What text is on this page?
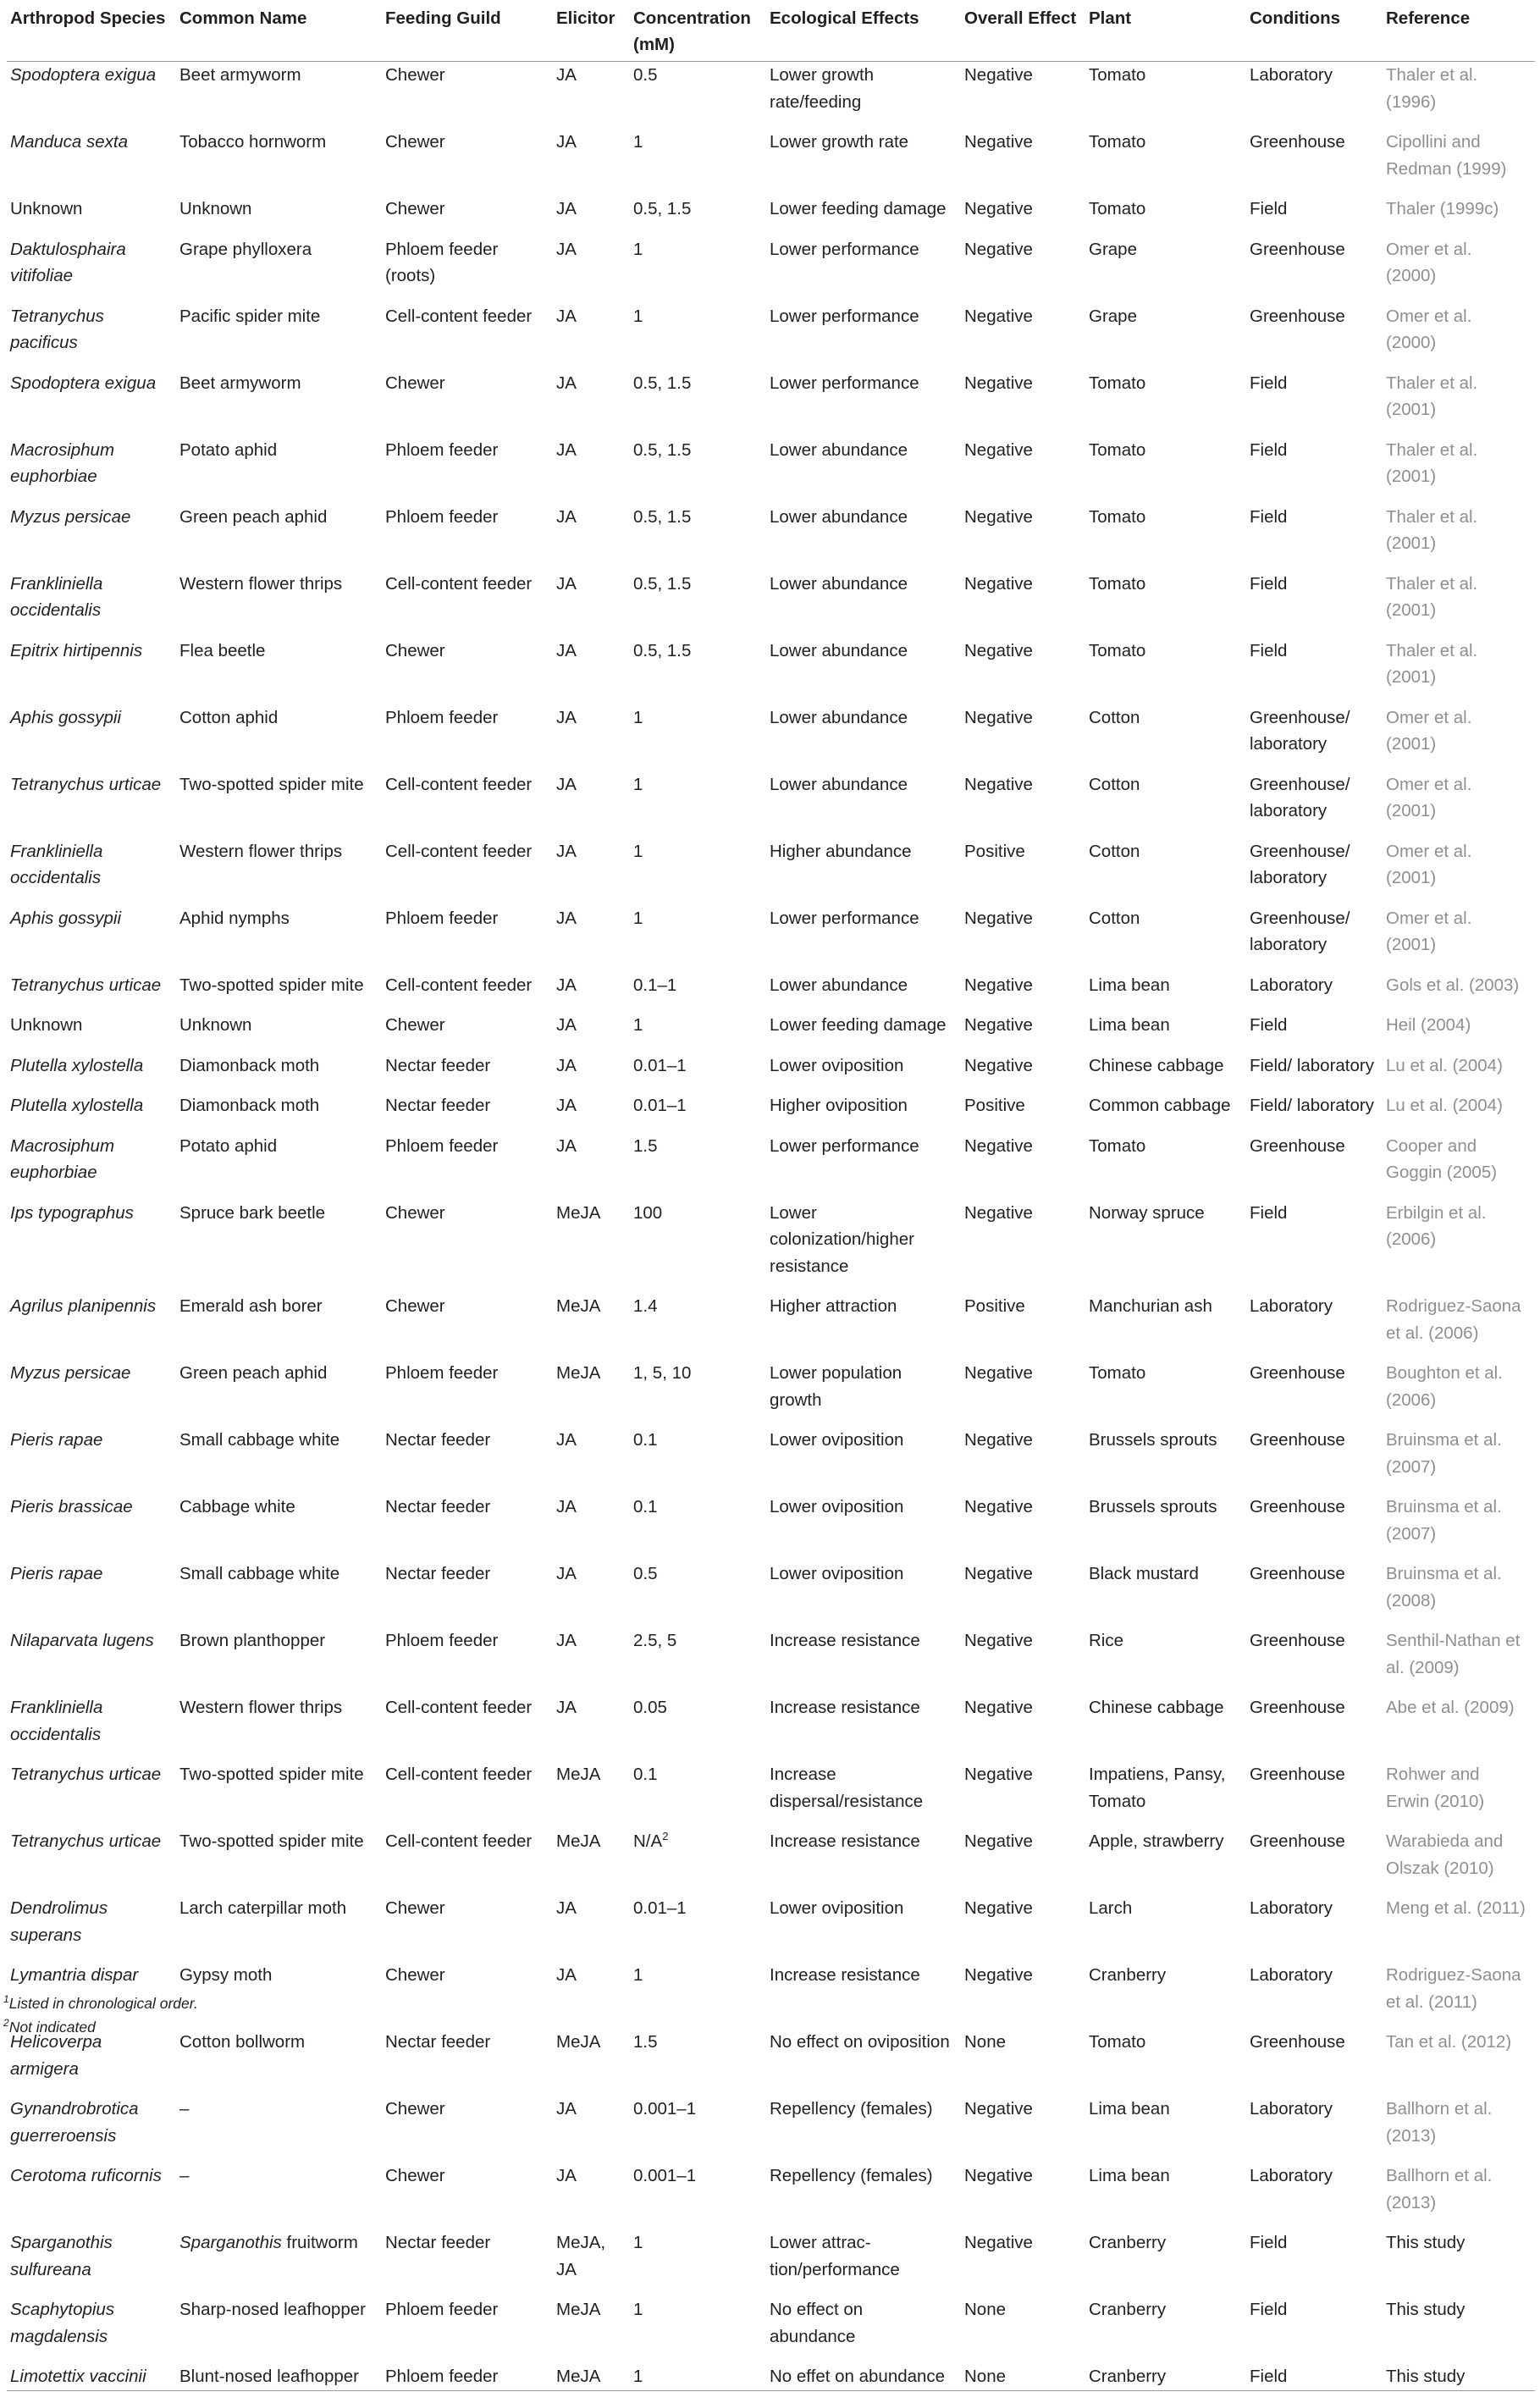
Arthropod Species	Common Name	Feeding Guild	Elicitor	Concentration (mM)	Ecological Effects	Overall Effect	Plant	Conditions	Reference
Spodoptera exigua	Beet armyworm	Chewer	JA	0.5	Lower growth rate/feeding	Negative	Tomato	Laboratory	Thaler et al. (1996)
Manduca sexta	Tobacco hornworm	Chewer	JA	1	Lower growth rate	Negative	Tomato	Greenhouse	Cipollini and Redman (1999)
Unknown	Unknown	Chewer	JA	0.5, 1.5	Lower feeding damage	Negative	Tomato	Field	Thaler (1999c)
Daktulosphaira vitifoliae	Grape phylloxera	Phloem feeder (roots)	JA	1	Lower performance	Negative	Grape	Greenhouse	Omer et al. (2000)
Tetranychus pacificus	Pacific spider mite	Cell-content feeder	JA	1	Lower performance	Negative	Grape	Greenhouse	Omer et al. (2000)
Spodoptera exigua	Beet armyworm	Chewer	JA	0.5, 1.5	Lower performance	Negative	Tomato	Field	Thaler et al. (2001)
Macrosiphum euphorbiae	Potato aphid	Phloem feeder	JA	0.5, 1.5	Lower abundance	Negative	Tomato	Field	Thaler et al. (2001)
Myzus persicae	Green peach aphid	Phloem feeder	JA	0.5, 1.5	Lower abundance	Negative	Tomato	Field	Thaler et al. (2001)
Frankliniella occidentalis	Western flower thrips	Cell-content feeder	JA	0.5, 1.5	Lower abundance	Negative	Tomato	Field	Thaler et al. (2001)
Epitrix hirtipennis	Flea beetle	Chewer	JA	0.5, 1.5	Lower abundance	Negative	Tomato	Field	Thaler et al. (2001)
Aphis gossypii	Cotton aphid	Phloem feeder	JA	1	Lower abundance	Negative	Cotton	Greenhouse/ laboratory	Omer et al. (2001)
Tetranychus urticae	Two-spotted spider mite	Cell-content feeder	JA	1	Lower abundance	Negative	Cotton	Greenhouse/ laboratory	Omer et al. (2001)
Frankliniella occidentalis	Western flower thrips	Cell-content feeder	JA	1	Higher abundance	Positive	Cotton	Greenhouse/ laboratory	Omer et al. (2001)
Aphis gossypii	Aphid nymphs	Phloem feeder	JA	1	Lower performance	Negative	Cotton	Greenhouse/ laboratory	Omer et al. (2001)
Tetranychus urticae	Two-spotted spider mite	Cell-content feeder	JA	0.1–1	Lower abundance	Negative	Lima bean	Laboratory	Gols et al. (2003)
Unknown	Unknown	Chewer	JA	1	Lower feeding damage	Negative	Lima bean	Field	Heil (2004)
Plutella xylostella	Diamonback moth	Nectar feeder	JA	0.01–1	Lower oviposition	Negative	Chinese cabbage	Field/ laboratory	Lu et al. (2004)
Plutella xylostella	Diamonback moth	Nectar feeder	JA	0.01–1	Higher oviposition	Positive	Common cabbage	Field/ laboratory	Lu et al. (2004)
Macrosiphum euphorbiae	Potato aphid	Phloem feeder	JA	1.5	Lower performance	Negative	Tomato	Greenhouse	Cooper and Goggin (2005)
Ips typographus	Spruce bark beetle	Chewer	MeJA	100	Lower colonization/higher resistance	Negative	Norway spruce	Field	Erbilgin et al. (2006)
Agrilus planipennis	Emerald ash borer	Chewer	MeJA	1.4	Higher attraction	Positive	Manchurian ash	Laboratory	Rodriguez-Saona et al. (2006)
Myzus persicae	Green peach aphid	Phloem feeder	MeJA	1, 5, 10	Lower population growth	Negative	Tomato	Greenhouse	Boughton et al. (2006)
Pieris rapae	Small cabbage white	Nectar feeder	JA	0.1	Lower oviposition	Negative	Brussels sprouts	Greenhouse	Bruinsma et al. (2007)
Pieris brassicae	Cabbage white	Nectar feeder	JA	0.1	Lower oviposition	Negative	Brussels sprouts	Greenhouse	Bruinsma et al. (2007)
Pieris rapae	Small cabbage white	Nectar feeder	JA	0.5	Lower oviposition	Negative	Black mustard	Greenhouse	Bruinsma et al. (2008)
Nilaparvata lugens	Brown planthopper	Phloem feeder	JA	2.5, 5	Increase resistance	Negative	Rice	Greenhouse	Senthil-Nathan et al. (2009)
Frankliniella occidentalis	Western flower thrips	Cell-content feeder	JA	0.05	Increase resistance	Negative	Chinese cabbage	Greenhouse	Abe et al. (2009)
Tetranychus urticae	Two-spotted spider mite	Cell-content feeder	MeJA	0.1	Increase dispersal/resistance	Negative	Impatiens, Pansy, Tomato	Greenhouse	Rohwer and Erwin (2010)
Tetranychus urticae	Two-spotted spider mite	Cell-content feeder	MeJA	$N/A^2$	Increase resistance	Negative	Apple, strawberry	Greenhouse	Warabieda and Olszak (2010)
Dendrolimus superans	Larch caterpillar moth	Chewer	JA	0.01–1	Lower oviposition	Negative	Larch	Laboratory	Meng et al. (2011)
Lymantria dispar	Gypsy moth	Chewer	JA	1	Increase resistance	Negative	Cranberry	Laboratory	Rodriguez-Saona et al. (2011)
Helicoverpa armigera	Cotton bollworm	Nectar feeder	MeJA	1.5	No effect on oviposition	None	Tomato	Greenhouse	Tan et al. (2012)
Gynandrobrotica guerreroensis	–	Chewer	JA	0.001–1	Repellency (females)	Negative	Lima bean	Laboratory	Ballhorn et al. (2013)
Cerotoma ruficornis	–	Chewer	JA	0.001–1	Repellency (females)	Negative	Lima bean	Laboratory	Ballhorn et al. (2013)
Sparganothis sulfureana	Sparganothis fruitworm	Nectar feeder	MeJA, JA	1	Lower attrac-tion/performance	Negative	Cranberry	Field	This study
Scaphytopius magdalensis	Sharp-nosed leafhopper	Phloem feeder	MeJA	1	No effect on abundance	None	Cranberry	Field	This study
Limotettix vaccinii	Blunt-nosed leafhopper	Phloem feeder	MeJA	1	No effet on abundance	None	Cranberry	Field	This study

$^1$Listed in chronological order.
$^2$Not indicated
